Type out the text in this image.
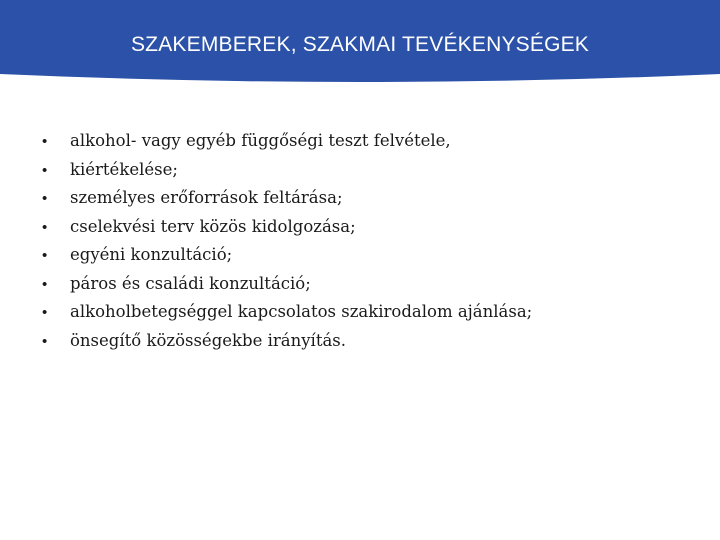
SZAKEMBEREK, SZAKMAI TEVÉKENYSÉGEK
•	alkohol- vagy egyéb függőségi teszt felvétele,
•	kiértékelése;
•	személyes erőforrások feltárása;
•	cselekvési terv közös kidolgozása;
•	egyéni konzultáció;
•	páros és családi konzultáció;
•	alkoholbetegséggel kapcsolatos szakirodalom ajánlása;
•	önsegítő közösségekbe irányítás.
